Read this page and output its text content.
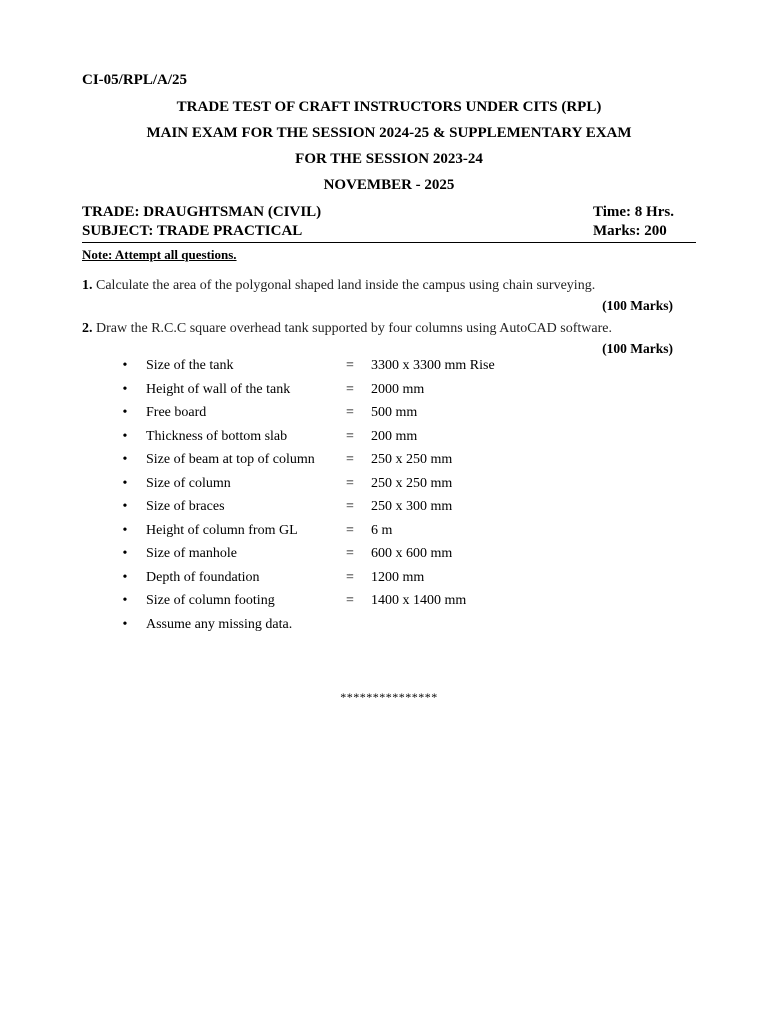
CI-05/RPL/A/25
TRADE TEST OF CRAFT INSTRUCTORS UNDER CITS (RPL)
MAIN EXAM FOR THE SESSION 2024-25 & SUPPLEMENTARY EXAM
FOR THE SESSION 2023-24
NOVEMBER - 2025
TRADE: DRAUGHTSMAN (CIVIL)
SUBJECT: TRADE PRACTICAL
Time: 8 Hrs.
Marks: 200
Note: Attempt all questions.
1. Calculate the area of the polygonal shaped land inside the campus using chain surveying.
(100 Marks)
2. Draw the R.C.C square overhead tank supported by four columns using AutoCAD software.
(100 Marks)
• Size of the tank	= 3300 x 3300 mm Rise
• Height of wall of the tank	= 2000 mm
• Free board	= 500 mm
• Thickness of bottom slab	= 200 mm
• Size of beam at top of column = 250 x 250 mm
• Size of column	= 250 x 250 mm
• Size of braces	= 250 x 300 mm
• Height of column from GL	= 6 m
• Size of manhole	= 600 x 600 mm
• Depth of foundation	= 1200 mm
• Size of column footing	= 1400 x 1400 mm
• Assume any missing data.
***************
